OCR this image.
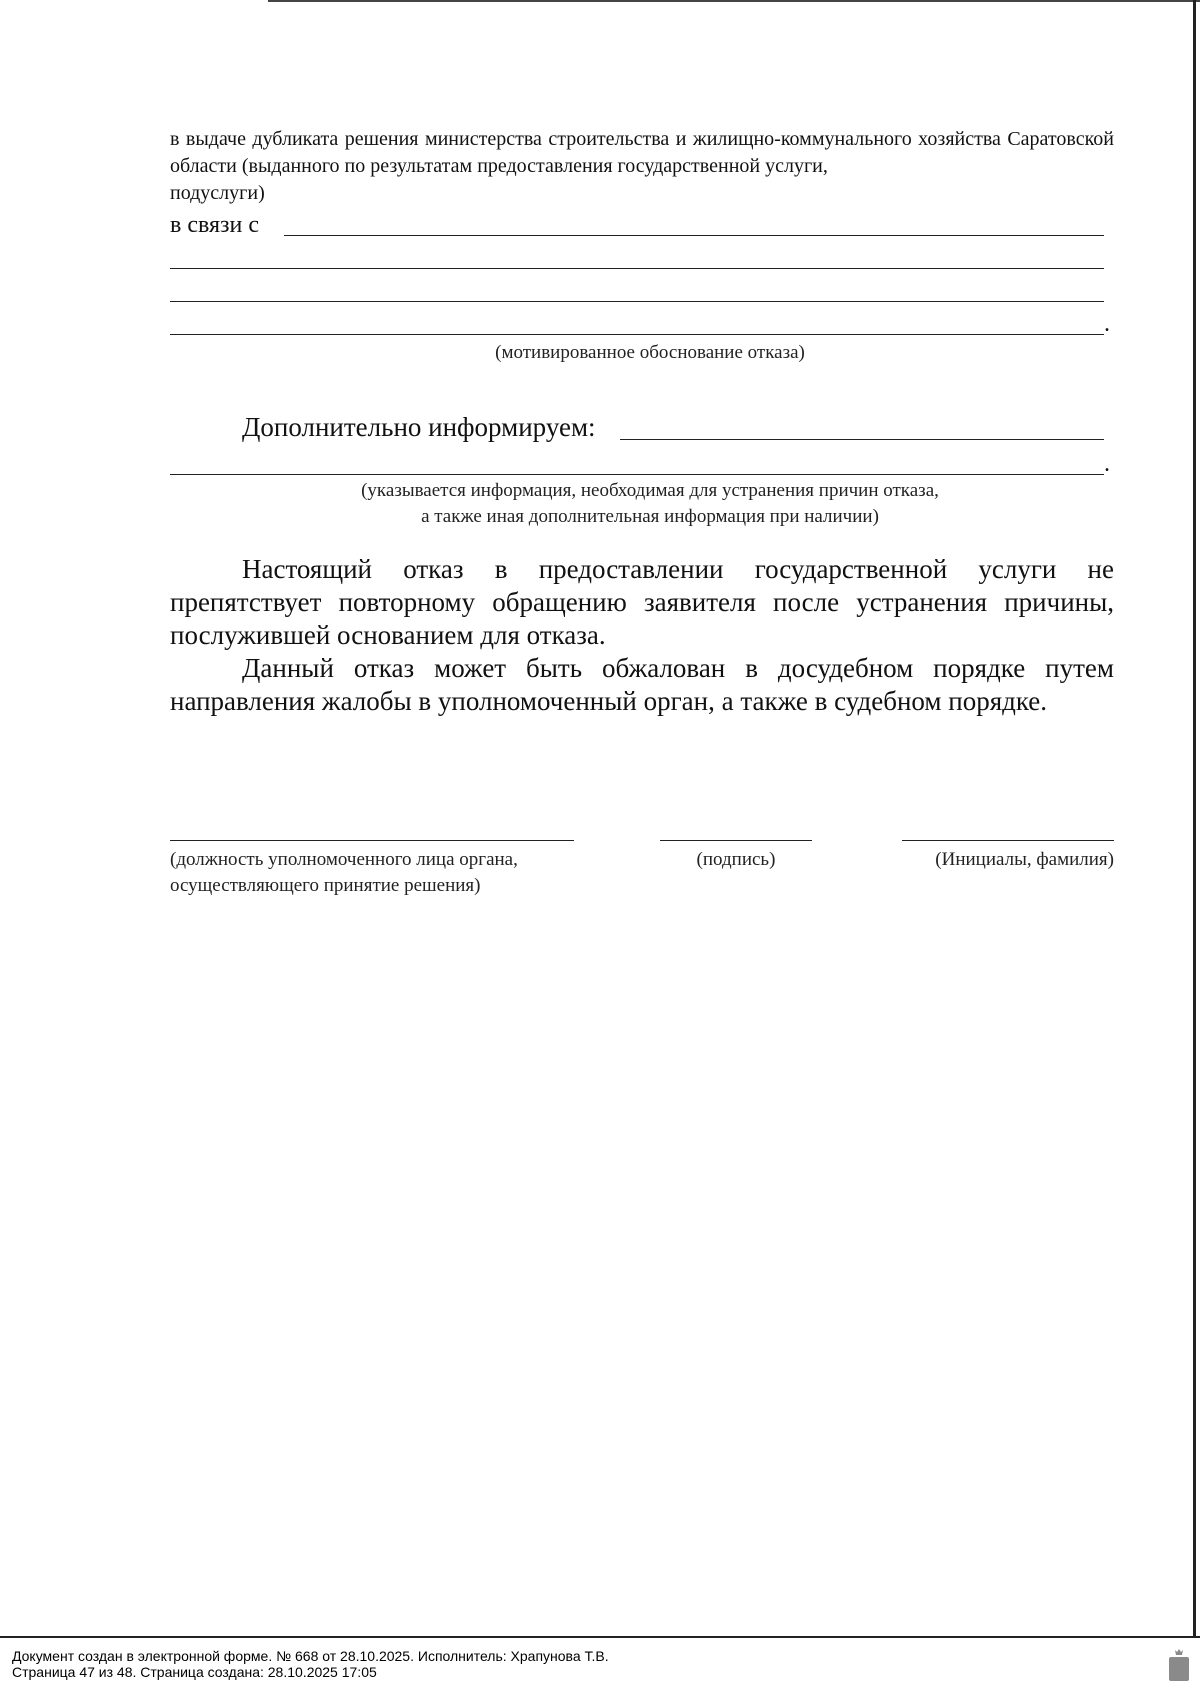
в выдаче дубликата решения министерства строительства и жилищно-коммунального хозяйства Саратовской области (выданного по результатам предоставления государственной услуги,
подуслуги)
в связи с
.
(мотивированное обоснование отказа)
Дополнительно информируем:
.
(указывается информация, необходимая для устранения причин отказа,
а также иная дополнительная информация при наличии)
Настоящий отказ в предоставлении государственной услуги не препятствует повторному обращению заявителя после устранения причины, послужившей основанием для отказа.
Данный отказ может быть обжалован в досудебном порядке путем направления жалобы в уполномоченный орган, а также в судебном порядке.
(должность уполномоченного лица органа,
осуществляющего принятие решения)
(подпись)	(Инициалы, фамилия)
Документ создан в электронной форме. № 668 от 28.10.2025. Исполнитель: Храпунова Т.В.
Страница 47 из 48. Страница создана: 28.10.2025 17:05
